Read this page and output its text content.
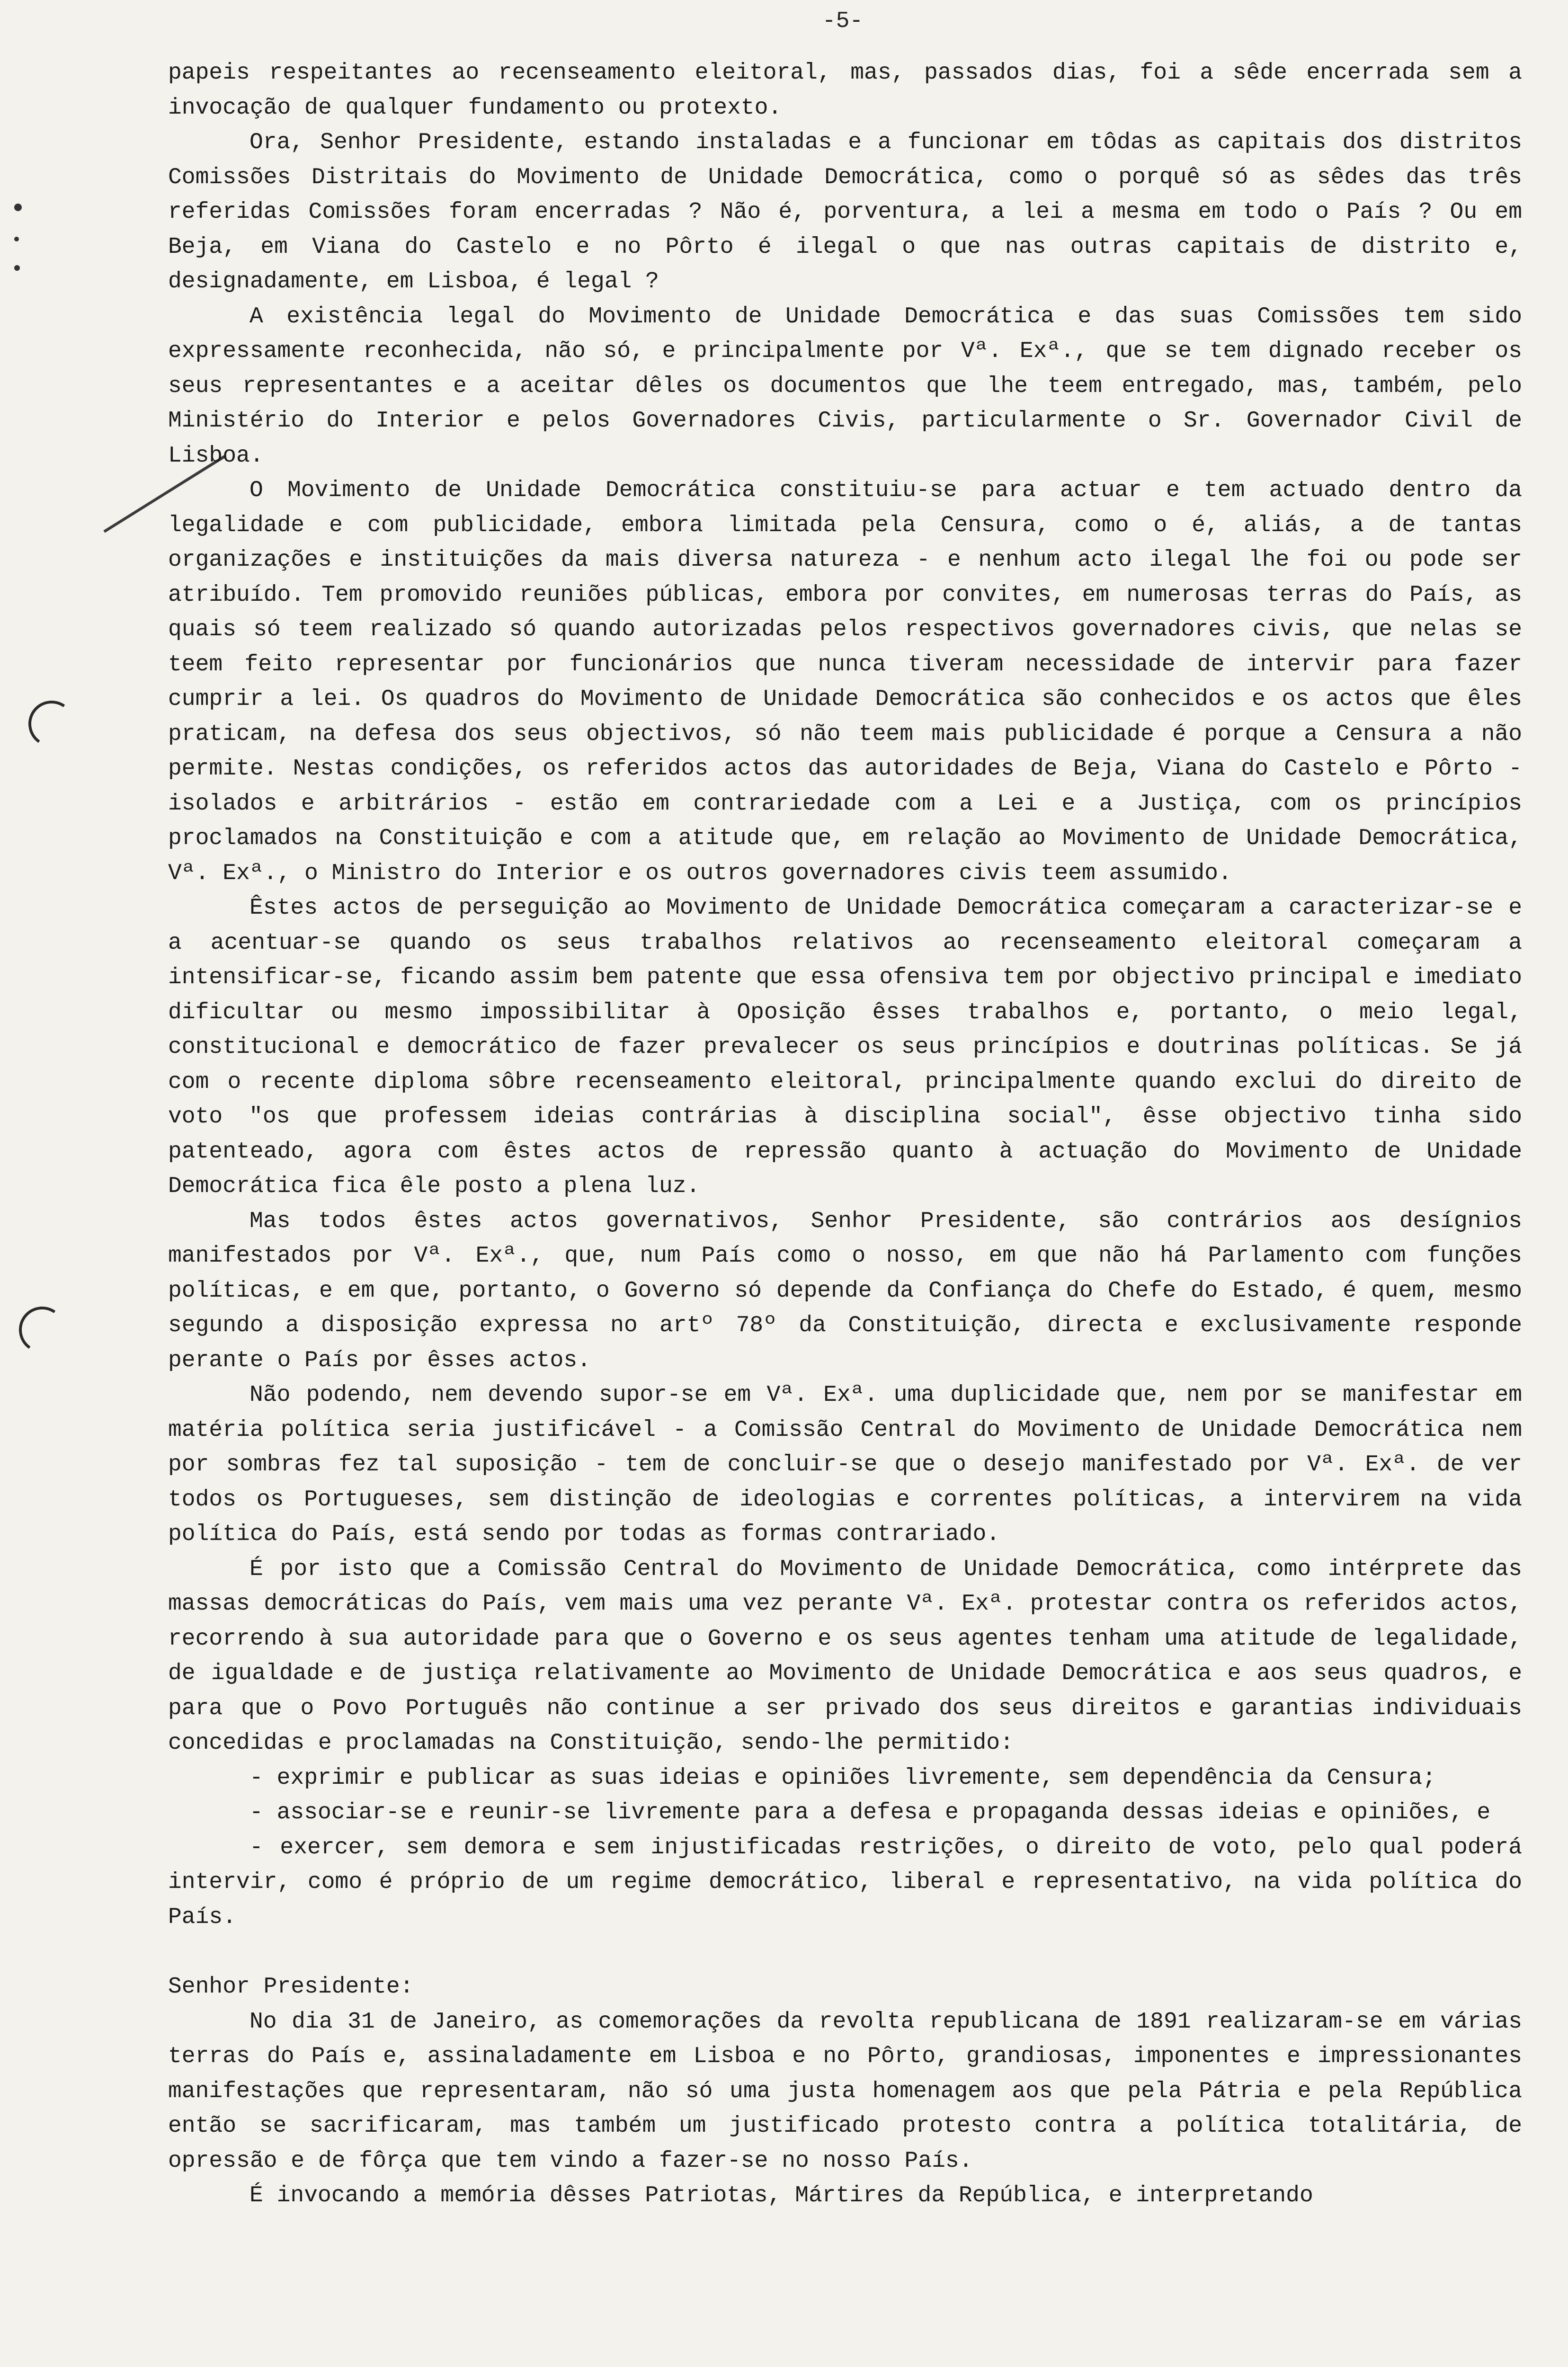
-5-

papeis respeitantes ao recenseamento eleitoral, mas, passados dias, foi a sêde encerrada sem a invocação de qualquer fundamento ou protexto.

Ora, Senhor Presidente, estando instaladas e a funcionar em tôdas as capitais dos distritos Comissões Distritais do Movimento de Unidade Democrática, como o porquê só as sêdes das três referidas Comissões foram encerradas ? Não é, porventura, a lei a mesma em todo o País ? Ou em Beja, em Viana do Castelo e no Pôrto é ilegal o que nas outras capitais de distrito e, designadamente, em Lisboa, é legal ?

A existência legal do Movimento de Unidade Democrática e das suas Comissões tem sido expressamente reconhecida, não só, e principalmente por Vª. Exª., que se tem dignado receber os seus representantes e a aceitar dêles os documentos que lhe teem entregado, mas, também, pelo Ministério do Interior e pelos Governadores Civis, particularmente o Sr. Governador Civil de Lisboa.

O Movimento de Unidade Democrática constituiu-se para actuar e tem actuado dentro da legalidade e com publicidade, embora limitada pela Censura, como o é, aliás, a de tantas organizações e instituições da mais diversa natureza - e nenhum acto ilegal lhe foi ou pode ser atribuído. Tem promovido reuniões públicas, embora por convites, em numerosas terras do País, as quais só teem realizado só quando autorizadas pelos respectivos governadores civis, que nelas se teem feito representar por funcionários que nunca tiveram necessidade de intervir para fazer cumprir a lei. Os quadros do Movimento de Unidade Democrática são conhecidos e os actos que êles praticam, na defesa dos seus objectivos, só não teem mais publicidade é porque a Censura a não permite. Nestas condições, os referidos actos das autoridades de Beja, Viana do Castelo e Pôrto - isolados e arbitrários - estão em contrariedade com a Lei e a Justiça, com os princípios proclamados na Constituição e com a atitude que, em relação ao Movimento de Unidade Democrática, Vª. Exª., o Ministro do Interior e os outros governadores civis teem assumido.

Êstes actos de perseguição ao Movimento de Unidade Democrática começaram a caracterizar-se e a acentuar-se quando os seus trabalhos relativos ao recenseamento eleitoral começaram a intensificar-se, ficando assim bem patente que essa ofensiva tem por objectivo principal e imediato dificultar ou mesmo impossibilitar à Oposição êsses trabalhos e, portanto, o meio legal, constitucional e democrático de fazer prevalecer os seus princípios e doutrinas políticas. Se já com o recente diploma sôbre recenseamento eleitoral, principalmente quando exclui do direito de voto "os que professem ideias contrárias à disciplina social", êsse objectivo tinha sido patenteado, agora com êstes actos de repressão quanto à actuação do Movimento de Unidade Democrática fica êle posto a plena luz.

Mas todos êstes actos governativos, Senhor Presidente, são contrários aos desígnios manifestados por Vª. Exª., que, num País como o nosso, em que não há Parlamento com funções políticas, e em que, portanto, o Governo só depende da Confiança do Chefe do Estado, é quem, mesmo segundo a disposição expressa no artº 78º da Constituição, directa e exclusivamente responde perante o País por êsses actos.

Não podendo, nem devendo supor-se em Vª. Exª. uma duplicidade que, nem por se manifestar em matéria política seria justificável - a Comissão Central do Movimento de Unidade Democrática nem por sombras fez tal suposição - tem de concluir-se que o desejo manifestado por Vª. Exª. de ver todos os Portugueses, sem distinção de ideologias e correntes políticas, a intervirem na vida política do País, está sendo por todas as formas contrariado.

É por isto que a Comissão Central do Movimento de Unidade Democrática, como intérprete das massas democráticas do País, vem mais uma vez perante Vª. Exª. protestar contra os referidos actos, recorrendo à sua autoridade para que o Governo e os seus agentes tenham uma atitude de legalidade, de igualdade e de justiça relativamente ao Movimento de Unidade Democrática e aos seus quadros, e para que o Povo Português não continue a ser privado dos seus direitos e garantias individuais concedidas e proclamadas na Constituição, sendo-lhe permitido:

- exprimir e publicar as suas ideias e opiniões livremente, sem dependência da Censura;

- associar-se e reunir-se livremente para a defesa e propaganda dessas ideias e opiniões, e

- exercer, sem demora e sem injustificadas restrições, o direito de voto, pelo qual poderá intervir, como é próprio de um regime democrático, liberal e representativo, na vida política do País.

Senhor Presidente:

No dia 31 de Janeiro, as comemorações da revolta republicana de 1891 realizaram-se em várias terras do País e, assinaladamente em Lisboa e no Pôrto, grandiosas, imponentes e impressionantes manifestações que representaram, não só uma justa homenagem aos que pela Pátria e pela República então se sacrificaram, mas também um justificado protesto contra a política totalitária, de opressão e de fôrça que tem vindo a fazer-se no nosso País.

É invocando a memória dêsses Patriotas, Mártires da República, e interpretando
